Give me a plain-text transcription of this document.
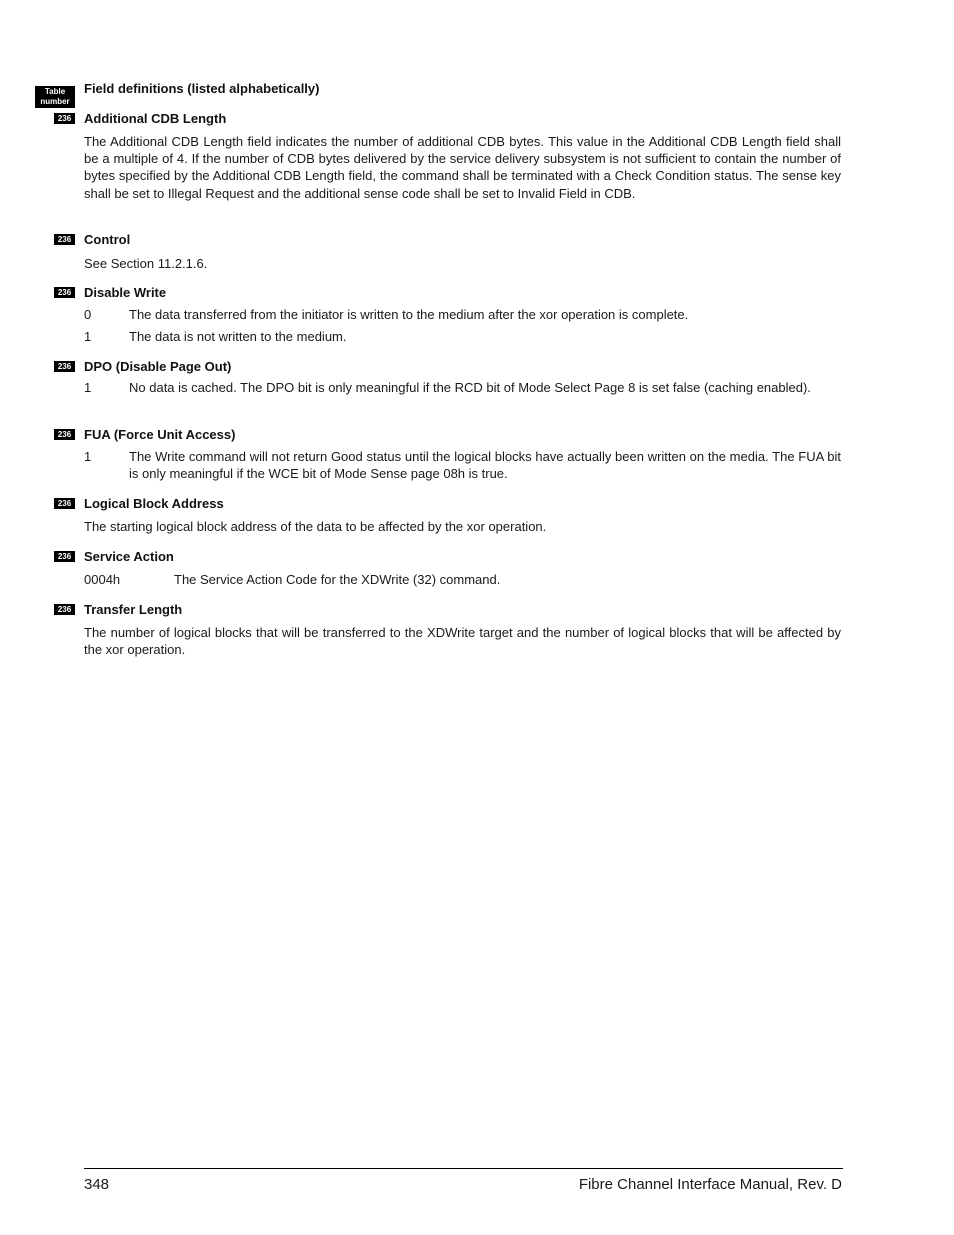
Table
number
Field definitions (listed alphabetically)
236 Additional CDB Length
The Additional CDB Length field indicates the number of additional CDB bytes. This value in the Additional CDB Length field shall be a multiple of 4. If the number of CDB bytes delivered by the service delivery subsystem is not sufficient to contain the number of bytes specified by the Additional CDB Length field, the command shall be terminated with a Check Condition status. The sense key shall be set to Illegal Request and the additional sense code shall be set to Invalid Field in CDB.
236 Control
See Section 11.2.1.6.
236 Disable Write
0	The data transferred from the initiator is written to the medium after the xor operation is complete.
1	The data is not written to the medium.
236 DPO (Disable Page Out)
1	No data is cached. The DPO bit is only meaningful if the RCD bit of Mode Select Page 8 is set false (caching enabled).
236 FUA (Force Unit Access)
1	The Write command will not return Good status until the logical blocks have actually been written on the media. The FUA bit is only meaningful if the WCE bit of Mode Sense page 08h is true.
236 Logical Block Address
The starting logical block address of the data to be affected by the xor operation.
236 Service Action
0004h	The Service Action Code for the XDWrite (32) command.
236 Transfer Length
The number of logical blocks that will be transferred to the XDWrite target and the number of logical blocks that will be affected by the xor operation.
348	Fibre Channel Interface Manual, Rev. D
